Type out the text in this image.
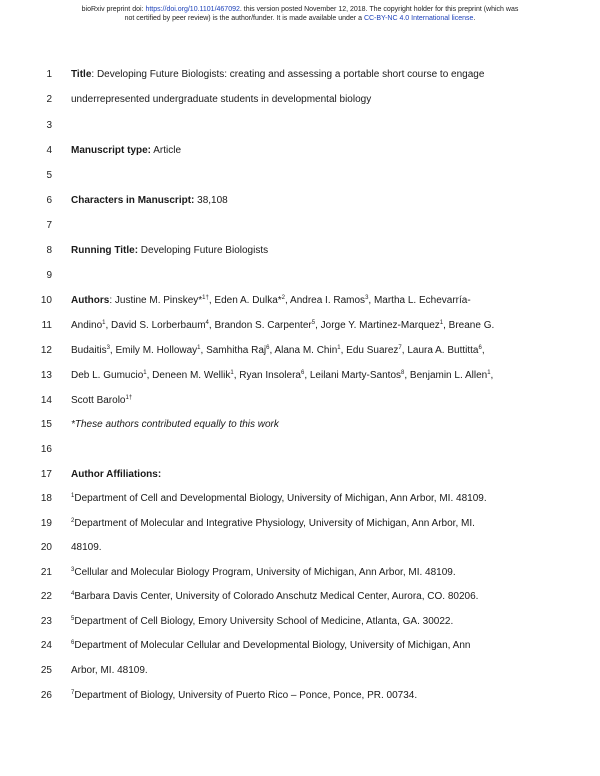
bioRxiv preprint doi: https://doi.org/10.1101/467092. this version posted November 12, 2018. The copyright holder for this preprint (which was
not certified by peer review) is the author/funder. It is made available under a CC-BY-NC 4.0 International license.
1 Title: Developing Future Biologists: creating and assessing a portable short course to engage
2 underrepresented undergraduate students in developmental biology
3
4 Manuscript type: Article
5
6 Characters in Manuscript: 38,108
7
8 Running Title: Developing Future Biologists
9
10 Authors: Justine M. Pinskey*$^{1\dagger}$, Eden A. Dulka*$^2$, Andrea I. Ramos$^3$, Martha L. Echevarría-
11 Andino$^1$, David S. Lorberbaum$^4$, Brandon S. Carpenter$^5$, Jorge Y. Martinez-Marquez$^1$, Breane G.
12 Budaitis$^3$, Emily M. Holloway$^1$, Samhitha Raj$^6$, Alana M. Chin$^1$, Edu Suarez$^7$, Laura A. Buttitta$^6$,
13 Deb L. Gumucio$^1$, Deneen M. Wellik$^1$, Ryan Insolera$^6$, Leilani Marty-Santos$^8$, Benjamin L. Allen$^1$,
14 Scott Barolo$^{1\dagger}$
15 *These authors contributed equally to this work
16
17 Author Affiliations:
18	$^1$Department of Cell and Developmental Biology, University of Michigan, Ann Arbor, MI. 48109.
19	$^2$Department of Molecular and Integrative Physiology, University of Michigan, Ann Arbor, MI.
20 48109.
21	$^3$Cellular and Molecular Biology Program, University of Michigan, Ann Arbor, MI. 48109.
22	$^4$Barbara Davis Center, University of Colorado Anschutz Medical Center, Aurora, CO. 80206.
23	$^5$Department of Cell Biology, Emory University School of Medicine, Atlanta, GA. 30022.
24	$^6$Department of Molecular Cellular and Developmental Biology, University of Michigan, Ann
25 Arbor, MI. 48109.
26	$^7$Department of Biology, University of Puerto Rico – Ponce, Ponce, PR. 00734.
